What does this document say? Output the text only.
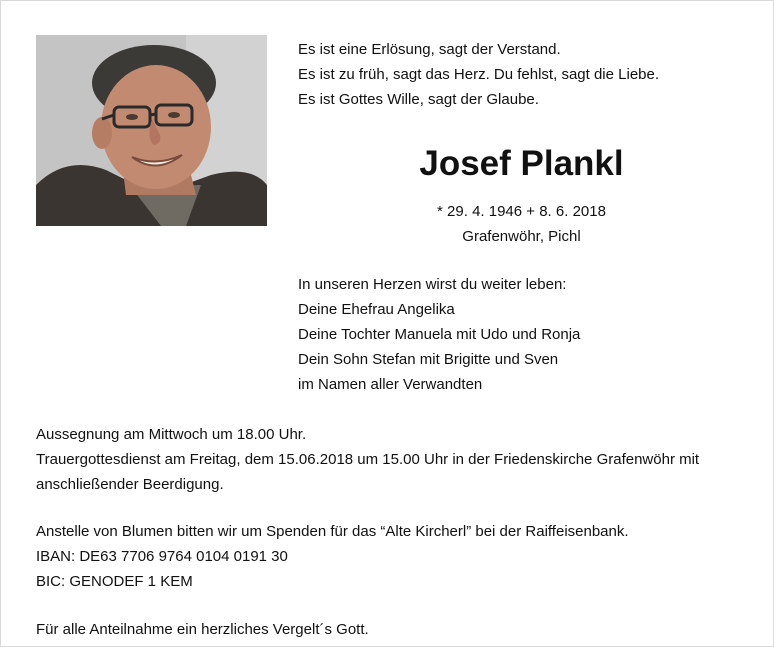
Es ist eine Erlösung, sagt der Verstand.
Es ist zu früh, sagt das Herz. Du fehlst, sagt die Liebe.
Es ist Gottes Wille, sagt der Glaube.
Josef Plankl
* 29. 4. 1946 + 8. 6. 2018
Grafenwöhr, Pichl
In unseren Herzen wirst du weiter leben:
Deine Ehefrau Angelika
Deine Tochter Manuela mit Udo und Ronja
Dein Sohn Stefan mit Brigitte und Sven
im Namen aller Verwandten

Aussegnung am Mittwoch um 18.00 Uhr.

Trauergottesdienst am Freitag, dem 15.06.2018 um 15.00 Uhr in der Friedenskirche Grafenwöhr mit

anschließender Beerdigung.

Anstelle von Blumen bitten wir um Spenden für das “Alte Kircherl” bei der Raiffeisenbank.
IBAN: DE63 7706 9764 0104 0191 30
BIC: GENODEF 1 KEM
Für alle Anteilnahme ein herzliches Vergelt´s Gott.
